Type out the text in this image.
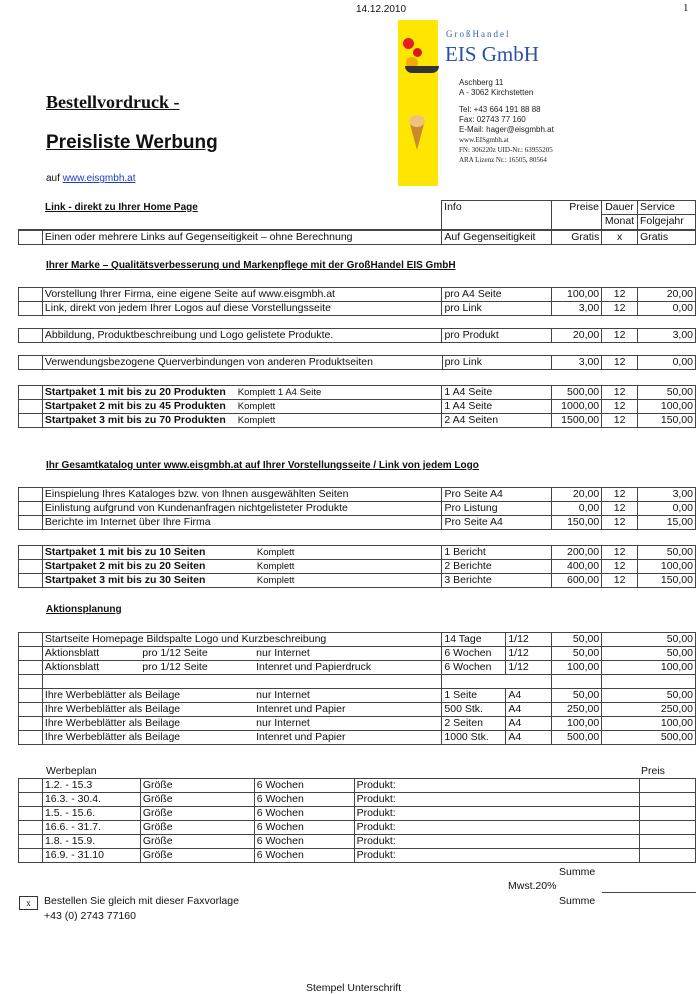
14.12.2010	1
GroßHandel
EIS GmbH
Aschberg 11
A - 3062 Kirchstetten
Tel: +43 664 191 88 88
Fax: 02743 77 160
E-Mail: hager@eisgmbh.at
www.EISgmbh.at
FN: 306220z UID-Nr.: 63955205
ARA Lizenz Nr.: 16505, 80564
Bestellvordruck -
Preisliste Werbung
auf www.eisgmbh.at
Link - direkt zu Ihrer Home Page	Info	Preise	Dauer	Service
			Monat	Folgejahr
	Einen oder mehrere Links auf Gegenseitigkeit – ohne Berechnung	Auf Gegenseitigkeit	Gratis	x	Gratis
Ihrer Marke – Qualitätsverbesserung und Markenpflege mit der GroßHandel EIS GmbH
	Vorstellung Ihrer Firma, eine eigene Seite auf www.eisgmbh.at	pro A4 Seite	100,00	12	20,00
	Link, direkt von jedem Ihrer Logos auf diese Vorstellungsseite	pro Link	3,00	12	0,00
	Abbildung, Produktbeschreibung und Logo gelistete Produkte.	pro Produkt	20,00	12	3,00
	Verwendungsbezogene Querverbindungen von anderen Produktseiten	pro Link	3,00	12	0,00
	Startpaket 1 mit bis zu 20 Produkten Komplett 1 A4 Seite	1 A4 Seite	500,00	12	50,00
	Startpaket 2 mit bis zu 45 Produkten Komplett	1 A4 Seite	1000,00	12	100,00
	Startpaket 3 mit bis zu 70 Produkten Komplett	2 A4 Seiten	1500,00	12	150,00
Ihr Gesamtkatalog unter www.eisgmbh.at auf Ihrer Vorstellungsseite / Link von jedem Logo
	Einspielung Ihres Kataloges bzw. von Ihnen ausgewählten Seiten	Pro Seite A4	20,00	12	3,00
	Einlistung aufgrund von Kundenanfragen nichtgelisteter Produkte	Pro Listung	0,00	12	0,00
	Berichte im Internet über Ihre Firma	Pro Seite A4	150,00	12	15,00
	Startpaket 1 mit bis zu 10 Seiten Komplett	1 Bericht	200,00	12	50,00
	Startpaket 2 mit bis zu 20 Seiten Komplett	2 Berichte	400,00	12	100,00
	Startpaket 3 mit bis zu 30 Seiten Komplett	3 Berichte	600,00	12	150,00
Aktionsplanung
	Startseite Homepage Bildspalte Logo und Kurzbeschreibung			14 Tage	1/12	50,00	50,00
	Aktionsblatt	pro 1/12 Seite	nur Internet	6 Wochen	1/12	50,00	50,00
	Aktionsblatt	pro 1/12 Seite	Intenret und Papierdruck	6 Wochen	1/12	100,00	100,00

	Ihre Werbeblätter als Beilage		nur Internet	1 Seite	A4	50,00	50,00
	Ihre Werbeblätter als Beilage		Intenret und Papier	500 Stk.	A4	250,00	250,00
	Ihre Werbeblätter als Beilage		nur Internet	2 Seiten	A4	100,00	100,00
	Ihre Werbeblätter als Beilage		Intenret und Papier	1000 Stk.	A4	500,00	500,00
Werbeplan	Preis
	1.2. - 15.3	Größe	6 Wochen	Produkt:	
	16.3. - 30.4.	Größe	6 Wochen	Produkt:	
	1.5. - 15.6.	Größe	6 Wochen	Produkt:	
	16.6. - 31.7.	Größe	6 Wochen	Produkt:	
	1.8. - 15.9.	Größe	6 Wochen	Produkt:	
	16.9. - 31.10	Größe	6 Wochen	Produkt:	
Summe
Mwst.20%
Summe
x	Bestellen Sie gleich mit dieser Faxvorlage
+43 (0) 2743 77160
Stempel Unterschrift
